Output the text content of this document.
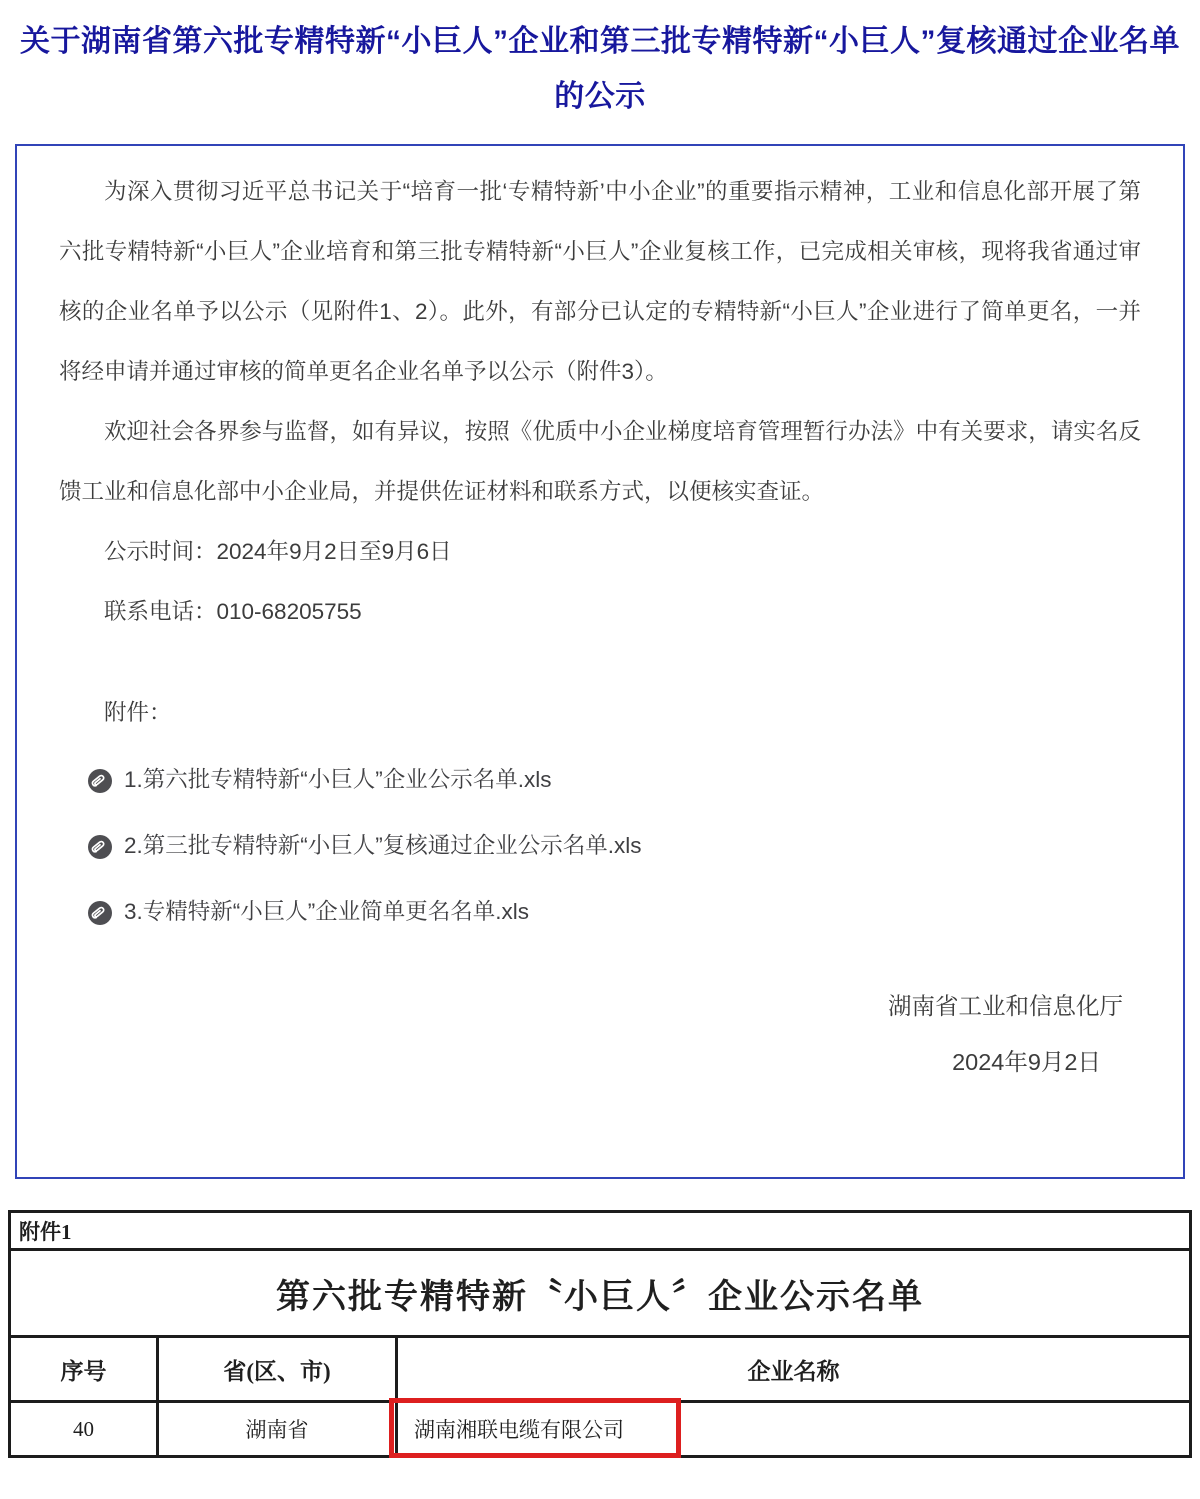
关于湖南省第六批专精特新“小巨人”企业和第三批专精特新“小巨人”复核通过企业名单的公示

为深入贯彻习近平总书记关于“培育一批‘专精特新’中小企业”的重要指示精神，工业和信息化部开展了第六批专精特新“小巨人”企业培育和第三批专精特新“小巨人”企业复核工作，已完成相关审核，现将我省通过审核的企业名单予以公示（见附件1、2）。此外，有部分已认定的专精特新“小巨人”企业进行了简单更名，一并将经申请并通过审核的简单更名企业名单予以公示（附件3）。

欢迎社会各界参与监督，如有异议，按照《优质中小企业梯度培育管理暂行办法》中有关要求，请实名反馈工业和信息化部中小企业局，并提供佐证材料和联系方式，以便核实查证。

公示时间：2024年9月2日至9月6日

联系电话：010-68205755

附件：

1.第六批专精特新“小巨人”企业公示名单.xls
2.第三批专精特新“小巨人”复核通过企业公示名单.xls
3.专精特新“小巨人”企业简单更名名单.xls

湖南省工业和信息化厅

2024年9月2日

附件1
第六批专精特新〝小巨人〞企业公示名单
序号	省(区、市)	企业名称
40	湖南省	湖南湘联电缆有限公司
